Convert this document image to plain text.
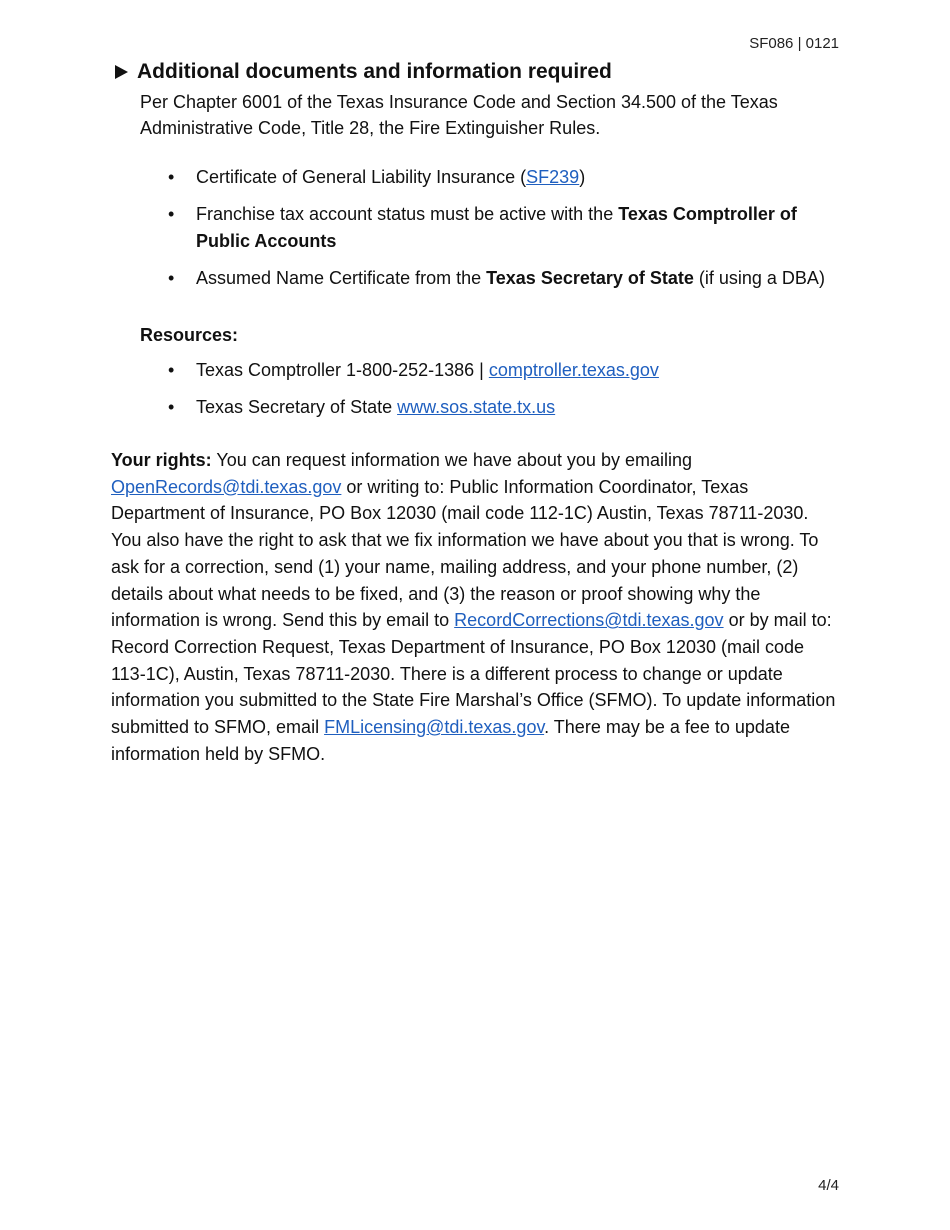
SF086 | 0121
Additional documents and information required

Per Chapter 6001 of the Texas Insurance Code and Section 34.500 of the Texas Administrative Code, Title 28, the Fire Extinguisher Rules.

• Certificate of General Liability Insurance (SF239)
• Franchise tax account status must be active with the Texas Comptroller of Public Accounts
• Assumed Name Certificate from the Texas Secretary of State (if using a DBA)
Resources:
• Texas Comptroller 1-800-252-1386 | comptroller.texas.gov
• Texas Secretary of State www.sos.state.tx.us

Your rights: You can request information we have about you by emailing OpenRecords@tdi.texas.gov or writing to: Public Information Coordinator, Texas Department of Insurance, PO Box 12030 (mail code 112-1C) Austin, Texas 78711-2030. You also have the right to ask that we fix information we have about you that is wrong. To ask for a correction, send (1) your name, mailing address, and your phone number, (2) details about what needs to be fixed, and (3) the reason or proof showing why the information is wrong. Send this by email to RecordCorrections@tdi.texas.gov or by mail to: Record Correction Request, Texas Department of Insurance, PO Box 12030 (mail code 113-1C), Austin, Texas 78711-2030. There is a different process to change or update information you submitted to the State Fire Marshal’s Office (SFMO). To update information submitted to SFMO, email FMLicensing@tdi.texas.gov. There may be a fee to update information held by SFMO.

4/4
